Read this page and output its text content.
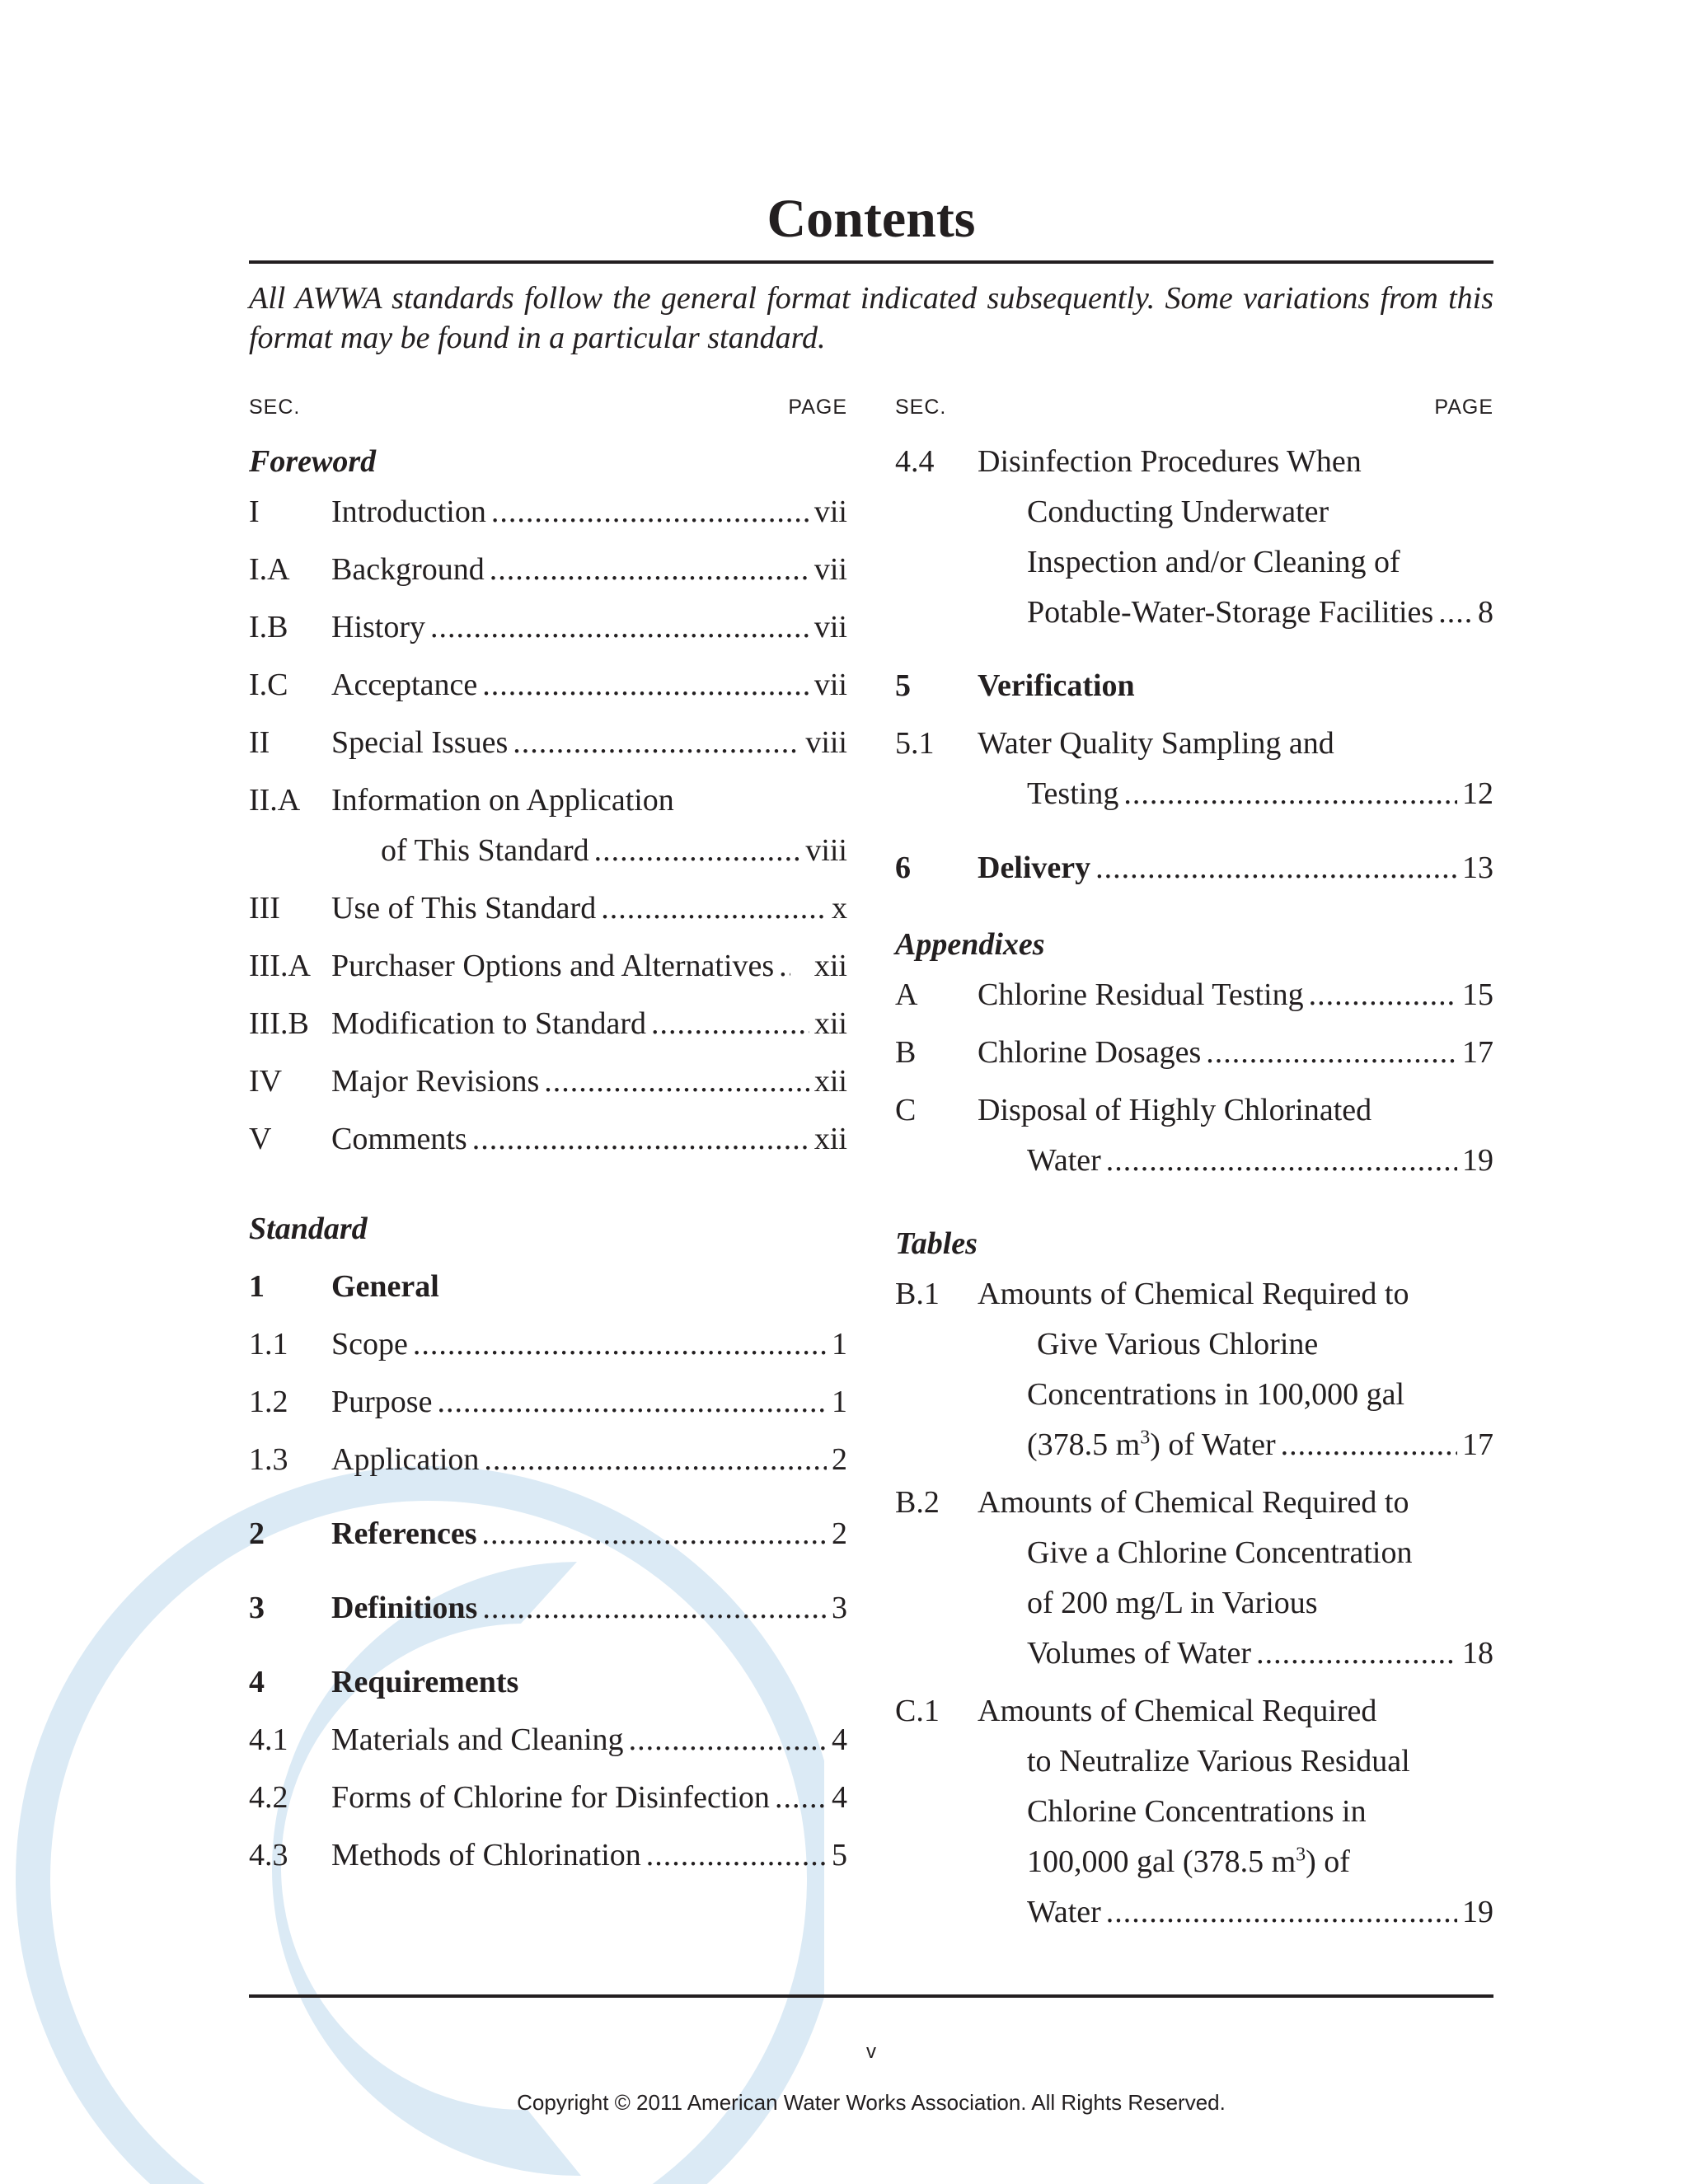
Contents
All AWWA standards follow the general format indicated subsequently. Some variations from this format may be found in a particular standard.
SEC.	PAGE
Foreword
I	Introduction .....	vii
I.A	Background .....	vii
I.B	History .....	vii
I.C	Acceptance .....	vii
II	Special Issues .....	viii
II.A Information on Application
of This Standard .....	viii
III	Use of This Standard .....	x
III.A Purchaser Options and Alternatives ..... xii
III.B Modification to Standard .....	xii
IV	Major Revisions .....	xii
V	Comments .....	xii
Standard
1	General
1.1	Scope .....	1
1.2	Purpose .....	1
1.3	Application .....	2
2	References .....	2
3	Definitions .....	3
4	Requirements
4.1	Materials and Cleaning .....	4
4.2	Forms of Chlorine for Disinfection ..... 4
4.3	Methods of Chlorination .....	5
SEC.	PAGE
4.4	Disinfection Procedures When
Conducting Underwater
Inspection and/or Cleaning of
Potable-Water-Storage Facilities ..... 8
5	Verification
5.1	Water Quality Sampling and
Testing .....	12
6	Delivery .....	13
Appendixes
A	Chlorine Residual Testing .....	15
B	Chlorine Dosages .....	17
C	Disposal of Highly Chlorinated
Water .....	19
Tables
B.1	Amounts of Chemical Required to
Give Various Chlorine
Concentrations in 100,000 gal
(378.5 $m^3$) of Water .....	17
B.2	Amounts of Chemical Required to
Give a Chlorine Concentration
of 200 mg/L in Various
Volumes of Water .....	18
C.1	Amounts of Chemical Required
to Neutralize Various Residual
Chlorine Concentrations in
100,000 gal (378.5 $m^3$) of
Water .....	19
v
Copyright © 2011 American Water Works Association. All Rights Reserved.
